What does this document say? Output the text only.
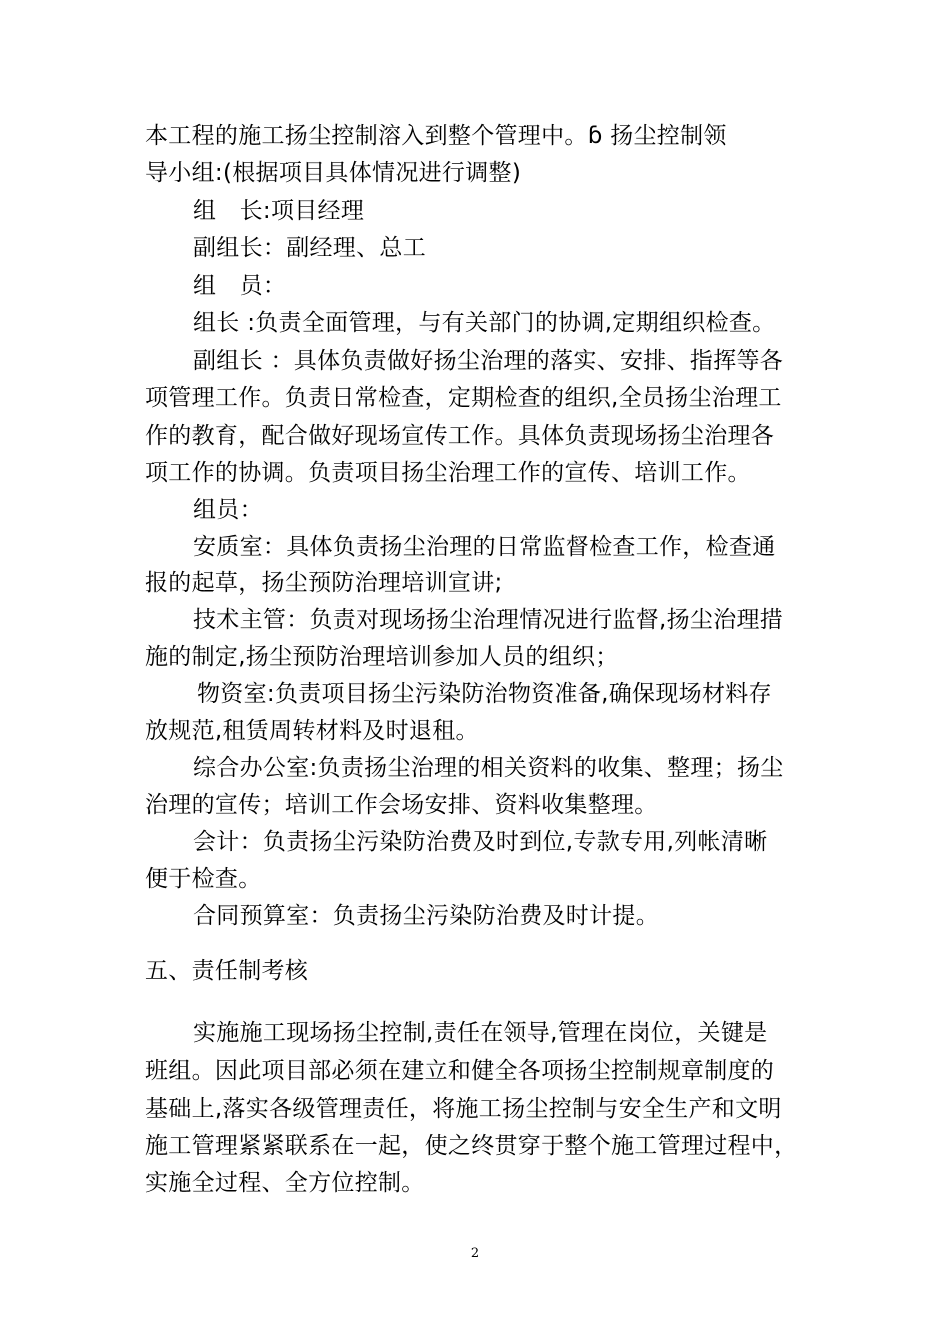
本工程的施工扬尘控制溶入到整个管理中。ɓ 扬尘控制领
导小组:(根据项目具体情况进行调整)
组　长:项目经理
副组长：副经理、总工
组　员：
组长 :负责全面管理，与有关部门的协调,定期组织检查。
副组长 ：具体负责做好扬尘治理的落实、安排、指挥等各
项管理工作。负责日常检查，定期检查的组织,全员扬尘治理工
作的教育，配合做好现场宣传工作。具体负责现场扬尘治理各
项工作的协调。负责项目扬尘治理工作的宣传、培训工作。
组员：
安质室：具体负责扬尘治理的日常监督检查工作，检查通
报的起草，扬尘预防治理培训宣讲;
技术主管：负责对现场扬尘治理情况进行监督,扬尘治理措
施的制定,扬尘预防治理培训参加人员的组织；
物资室:负责项目扬尘污染防治物资准备,确保现场材料存
放规范,租赁周转材料及时退租。
综合办公室:负责扬尘治理的相关资料的收集、整理；扬尘
治理的宣传；培训工作会场安排、资料收集整理。
会计：负责扬尘污染防治费及时到位,专款专用,列帐清晰
便于检查。
合同预算室：负责扬尘污染防治费及时计提。
五、责任制考核
实施施工现场扬尘控制,责任在领导,管理在岗位，关键是
班组。因此项目部必须在建立和健全各项扬尘控制规章制度的
基础上,落实各级管理责任，将施工扬尘控制与安全生产和文明
施工管理紧紧联系在一起，使之终贯穿于整个施工管理过程中，
实施全过程、全方位控制。
2
